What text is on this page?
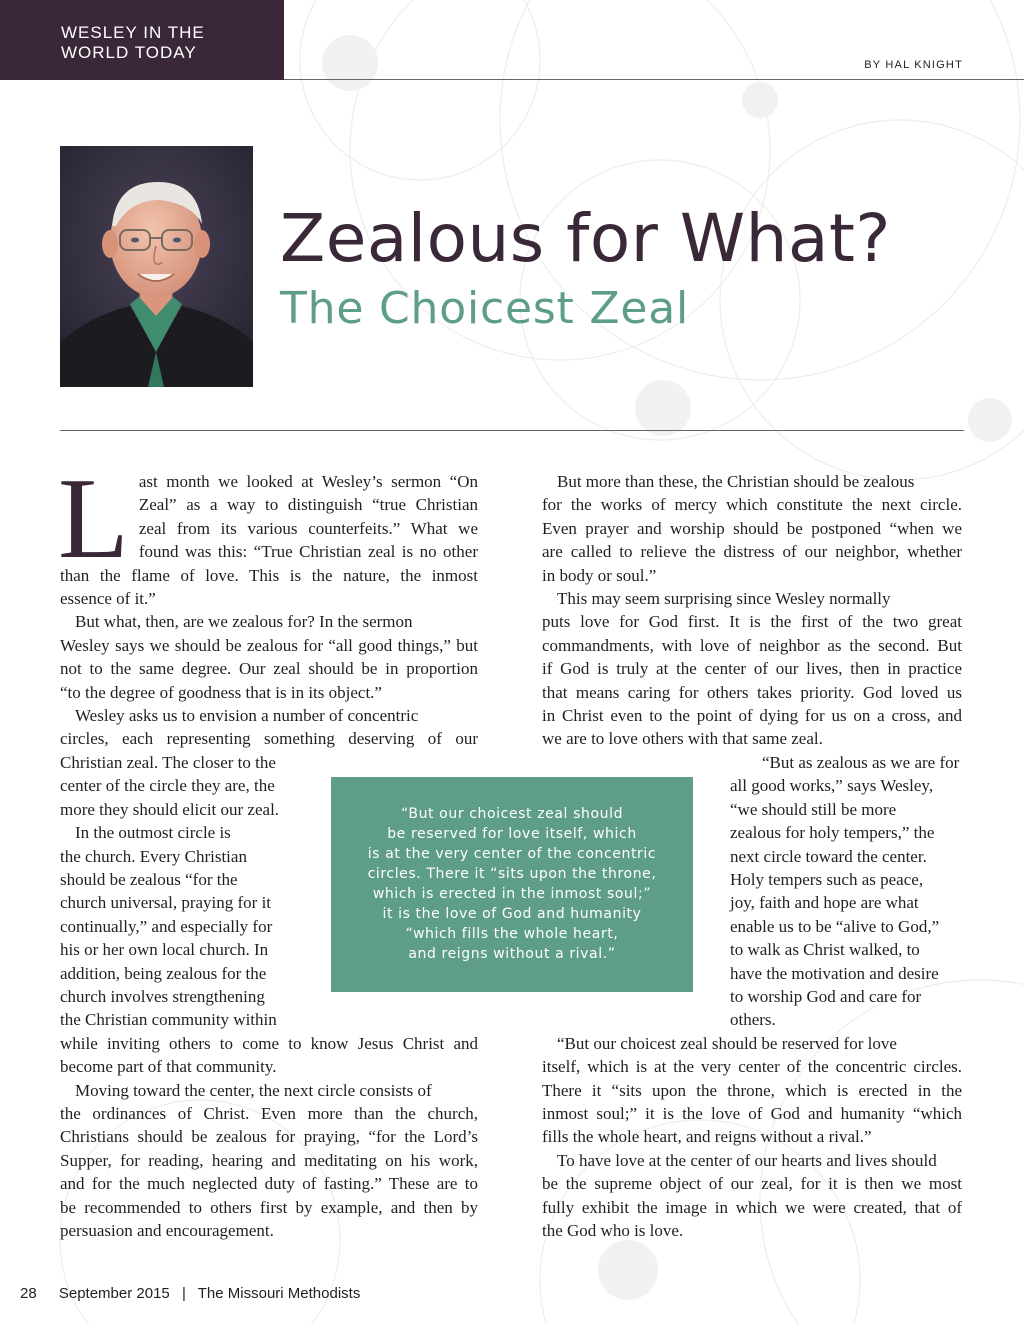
WESLEY IN THE
WORLD TODAY
BY HAL KNIGHT
Zealous for What?
The Choicest Zeal
L ast month we looked at Wesley’s sermon “On
Zeal” as a way to distinguish “true Christian
zeal from its various counterfeits.” What we
found was this: “True Christian zeal is no other
than the flame of love. This is the nature, the inmost
essence of it.”
But what, then, are we zealous for? In the sermon
Wesley says we should be zealous for “all good things,” but
not to the same degree. Our zeal should be in proportion
“to the degree of goodness that is in its object.”
Wesley asks us to envision a number of concentric
circles, each representing something deserving of our
Christian zeal. The closer to the
center of the circle they are, the
more they should elicit our zeal.
In the outmost circle is
the church. Every Christian
should be zealous “for the
church universal, praying for it
continually,” and especially for
his or her own local church. In
addition, being zealous for the
church involves strengthening
the Christian community within
while inviting others to come to know Jesus Christ and
become part of that community.
Moving toward the center, the next circle consists of
the ordinances of Christ. Even more than the church,
Christians should be zealous for praying, “for the Lord’s
Supper, for reading, hearing and meditating on his work,
and for the much neglected duty of fasting.” These are to
be recommended to others first by example, and then by
persuasion and encouragement.
But more than these, the Christian should be zealous
for the works of mercy which constitute the next circle.
Even prayer and worship should be postponed “when we
are called to relieve the distress of our neighbor, whether
in body or soul.”
This may seem surprising since Wesley normally
puts love for God first. It is the first of the two great
commandments, with love of neighbor as the second. But
if God is truly at the center of our lives, then in practice
that means caring for others takes priority. God loved us
in Christ even to the point of dying for us on a cross, and
we are to love others with that same zeal.
“But as zealous as we are for
all good works,” says Wesley,
“we should still be more
zealous for holy tempers,” the
next circle toward the center.
Holy tempers such as peace,
joy, faith and hope are what
enable us to be “alive to God,”
to walk as Christ walked, to
have the motivation and desire
to worship God and care for
others.
“But our choicest zeal should be reserved for love
itself, which is at the very center of the concentric circles.
There it “sits upon the throne, which is erected in the
inmost soul;” it is the love of God and humanity “which
fills the whole heart, and reigns without a rival.”
To have love at the center of our hearts and lives should
be the supreme object of our zeal, for it is then we most
fully exhibit the image in which we were created, that of
the God who is love.
“But our choicest zeal should
be reserved for love itself, which
is at the very center of the concentric
circles. There it “sits upon the throne,
which is erected in the inmost soul;”
it is the love of God and humanity
“which fills the whole heart,
and reigns without a rival.”
28 September 2015 | The Missouri Methodists
